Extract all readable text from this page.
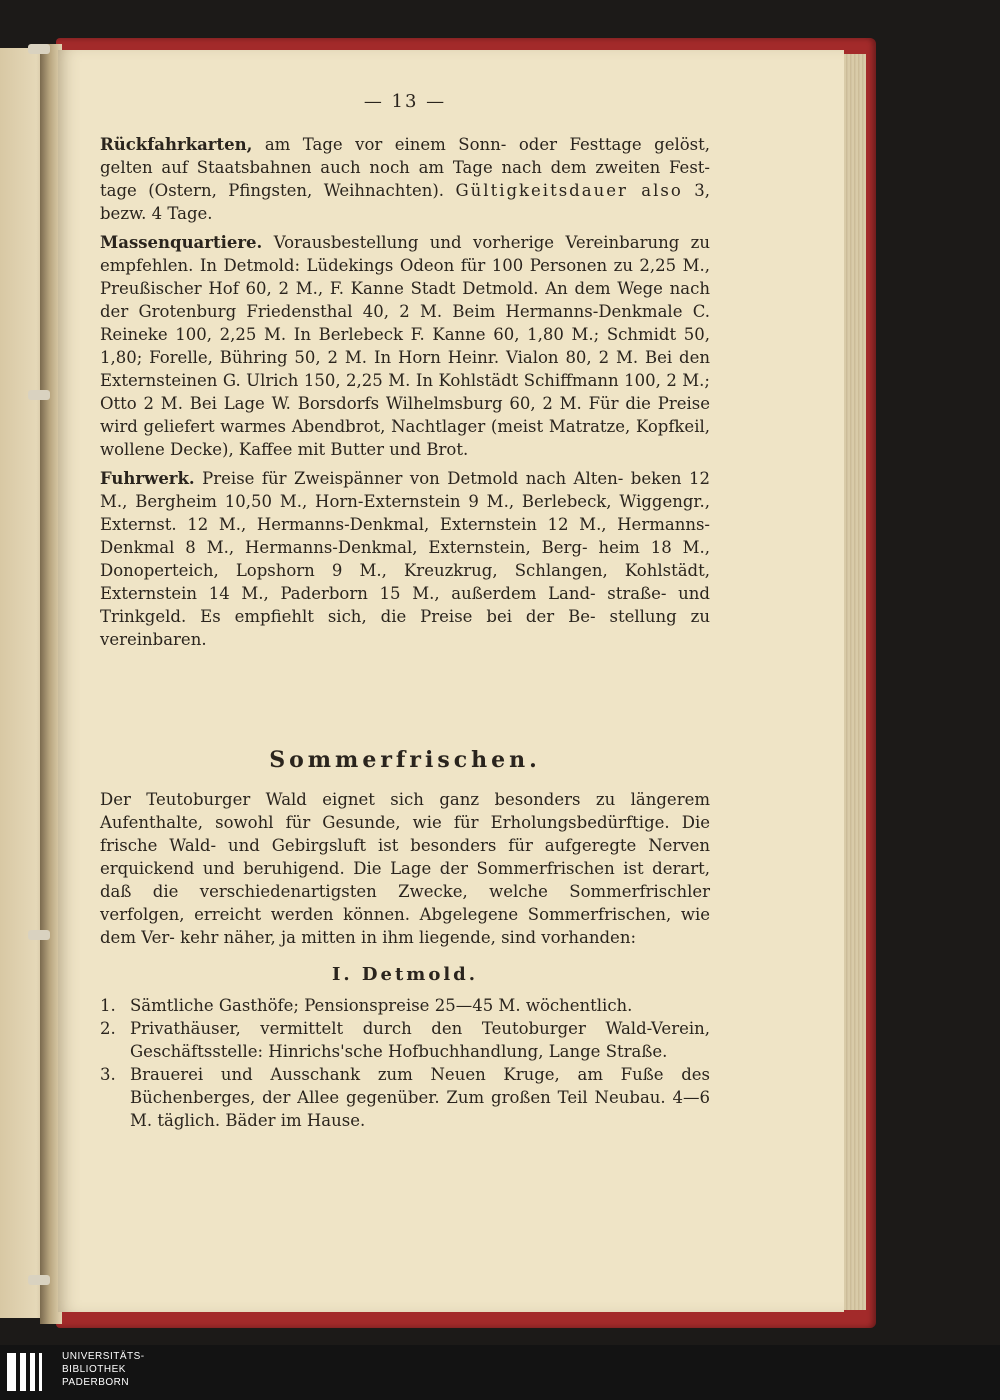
— 13 —

Rückfahrkarten, am Tage vor einem Sonn- oder Festtage gelöst, gelten auf Staatsbahnen auch noch am Tage nach dem zweiten Fest- tage (Ostern, Pfingsten, Weihnachten). Gültigkeitsdauer also 3, bezw. 4 Tage.

Massenquartiere. Vorausbestellung und vorherige Vereinbarung zu empfehlen. In Detmold: Lüdekings Odeon für 100 Personen zu 2,25 M., Preußischer Hof 60, 2 M., F. Kanne Stadt Detmold. An dem Wege nach der Grotenburg Friedensthal 40, 2 M. Beim Hermanns-Denkmale C. Reineke 100, 2,25 M. In Berlebeck F. Kanne 60, 1,80 M.; Schmidt 50, 1,80; Forelle, Bühring 50, 2 M. In Horn Heinr. Vialon 80, 2 M. Bei den Externsteinen G. Ulrich 150, 2,25 M. In Kohlstädt Schiffmann 100, 2 M.; Otto 2 M. Bei Lage W. Borsdorfs Wilhelmsburg 60, 2 M. Für die Preise wird geliefert warmes Abendbrot, Nachtlager (meist Matratze, Kopfkeil, wollene Decke), Kaffee mit Butter und Brot.

Fuhrwerk. Preise für Zweispänner von Detmold nach Alten- beken 12 M., Bergheim 10,50 M., Horn-Externstein 9 M., Berlebeck, Wiggengr., Externst. 12 M., Hermanns-Denkmal, Externstein 12 M., Hermanns-Denkmal 8 M., Hermanns-Denkmal, Externstein, Berg- heim 18 M., Donoperteich, Lopshorn 9 M., Kreuzkrug, Schlangen, Kohlstädt, Externstein 14 M., Paderborn 15 M., außerdem Land- straße- und Trinkgeld. Es empfiehlt sich, die Preise bei der Be- stellung zu vereinbaren.

Sommerfrischen.

Der Teutoburger Wald eignet sich ganz besonders zu längerem Aufenthalte, sowohl für Gesunde, wie für Erholungsbedürftige. Die frische Wald- und Gebirgsluft ist besonders für aufgeregte Nerven erquickend und beruhigend. Die Lage der Sommerfrischen ist derart, daß die verschiedenartigsten Zwecke, welche Sommerfrischler verfolgen, erreicht werden können. Abgelegene Sommerfrischen, wie dem Ver- kehr näher, ja mitten in ihm liegende, sind vorhanden:

I. Detmold.
1. Sämtliche Gasthöfe; Pensionspreise 25—45 M. wöchentlich.
2. Privathäuser, vermittelt durch den Teutoburger Wald-Verein, Geschäftsstelle: Hinrichs'sche Hofbuchhandlung, Lange Straße.
3. Brauerei und Ausschank zum Neuen Kruge, am Fuße des Büchenberges, der Allee gegenüber. Zum großen Teil Neubau. 4—6 M. täglich. Bäder im Hause.
UNIVERSITÄTS-
BIBLIOTHEK
PADERBORN
